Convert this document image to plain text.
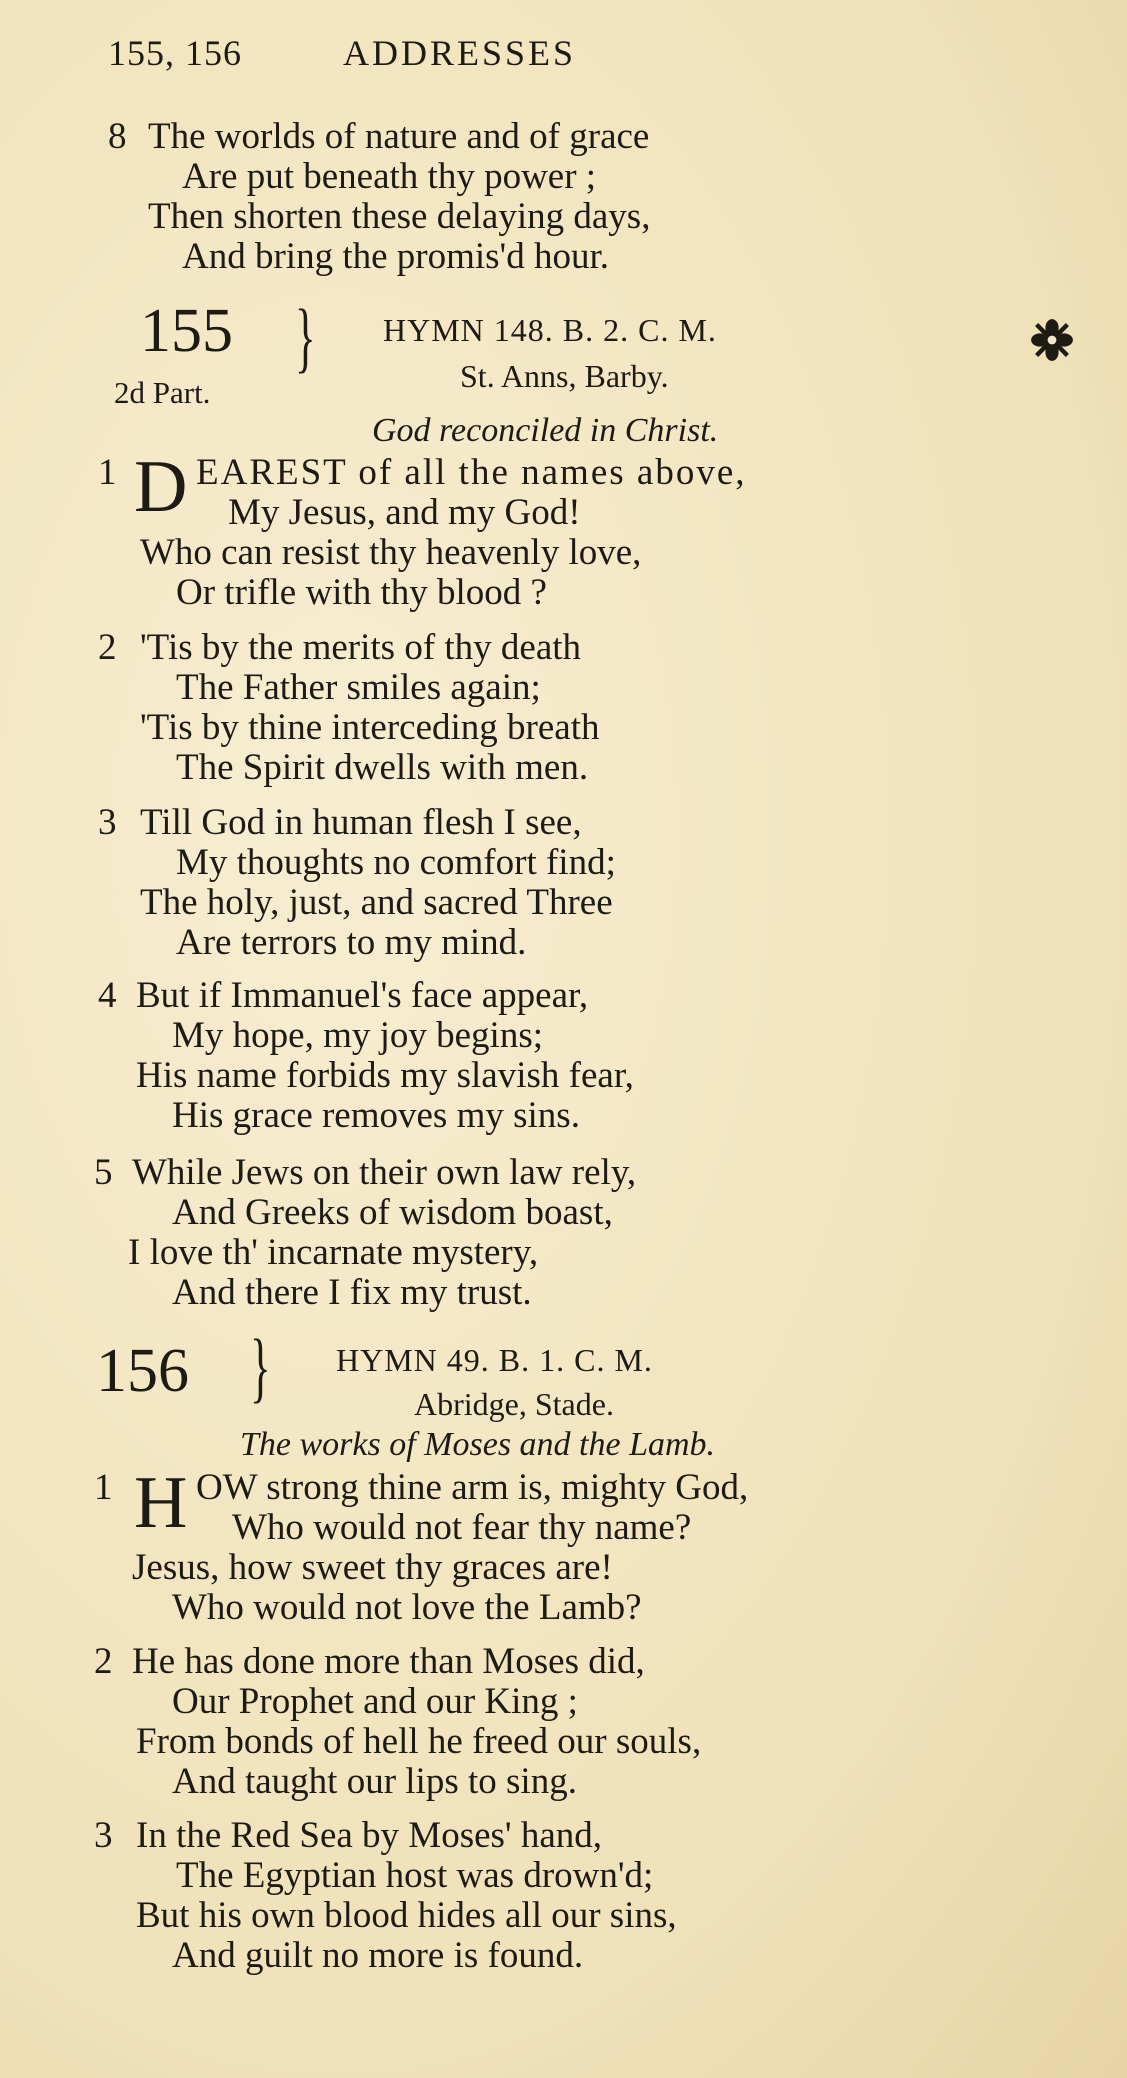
155, 156	ADDRESSES
8 The worlds of nature and of grace
Are put beneath thy power ;
Then shorten these delaying days,
And bring the promis'd hour.
155 }
2d Part.
HYMN 148. B. 2. C. M.
St. Anns, Barby.
God reconciled in Christ.
1 D EAREST of all the names above,
My Jesus, and my God!
Who can resist thy heavenly love,
Or trifle with thy blood ?
2 'Tis by the merits of thy death
The Father smiles again;
'Tis by thine interceding breath
The Spirit dwells with men.
3 Till God in human flesh I see,
My thoughts no comfort find;
The holy, just, and sacred Three
Are terrors to my mind.
4 But if Immanuel's face appear,
My hope, my joy begins;
His name forbids my slavish fear,
His grace removes my sins.
5 While Jews on their own law rely,
And Greeks of wisdom boast,
I love th' incarnate mystery,
And there I fix my trust.
156 } HYMN 49. B. 1. C. M.
Abridge, Stade.
The works of Moses and the Lamb.
1 H OW strong thine arm is, mighty God,
Who would not fear thy name?
Jesus, how sweet thy graces are!
Who would not love the Lamb?
2 He has done more than Moses did,
Our Prophet and our King ;
From bonds of hell he freed our souls,
And taught our lips to sing.
3 In the Red Sea by Moses' hand,
The Egyptian host was drown'd;
But his own blood hides all our sins,
And guilt no more is found.
